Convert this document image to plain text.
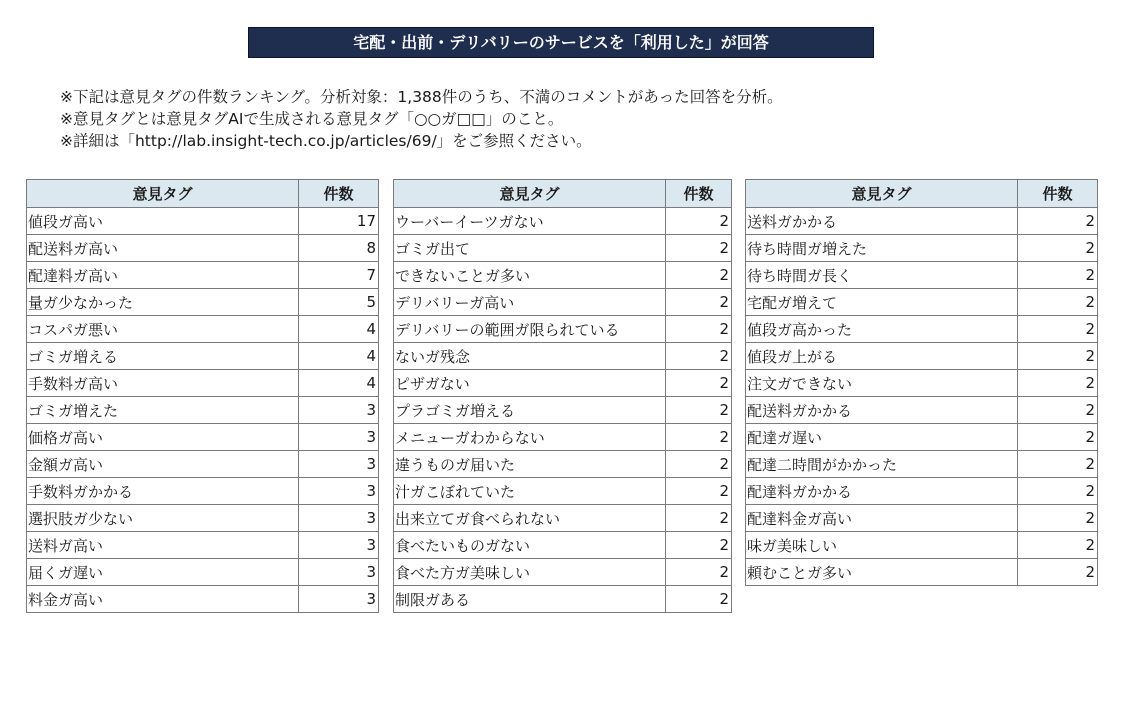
宅配・出前・デリバリーのサービスを「利用した」が回答
※下記は意見タグの件数ランキング。分析対象：1,388件のうち、不満のコメントがあった回答を分析。
※意見タグとは意見タグAIで生成される意見タグ「○○ガ□□」のこと。
※詳細は「http://lab.insight-tech.co.jp/articles/69/」をご参照ください。
意見タグ	件数
値段ガ高い	17
配送料ガ高い	8
配達料ガ高い	7
量ガ少なかった	5
コスパガ悪い	4
ゴミガ増える	4
手数料ガ高い	4
ゴミガ増えた	3
価格ガ高い	3
金額ガ高い	3
手数料ガかかる	3
選択肢ガ少ない	3
送料ガ高い	3
届くガ遅い	3
料金ガ高い	3
意見タグ	件数
ウーバーイーツガない	2
ゴミガ出て	2
できないことガ多い	2
デリバリーガ高い	2
デリバリーの範囲ガ限られている	2
ないガ残念	2
ピザガない	2
プラゴミガ増える	2
メニューガわからない	2
違うものガ届いた	2
汁ガこぼれていた	2
出来立てガ食べられない	2
食べたいものガない	2
食べた方ガ美味しい	2
制限ガある	2
意見タグ	件数
送料ガかかる	2
待ち時間ガ増えた	2
待ち時間ガ長く	2
宅配ガ増えて	2
値段ガ高かった	2
値段ガ上がる	2
注文ガできない	2
配送料ガかかる	2
配達ガ遅い	2
配達二時間がかかった	2
配達料ガかかる	2
配達料金ガ高い	2
味ガ美味しい	2
頼むことガ多い	2
